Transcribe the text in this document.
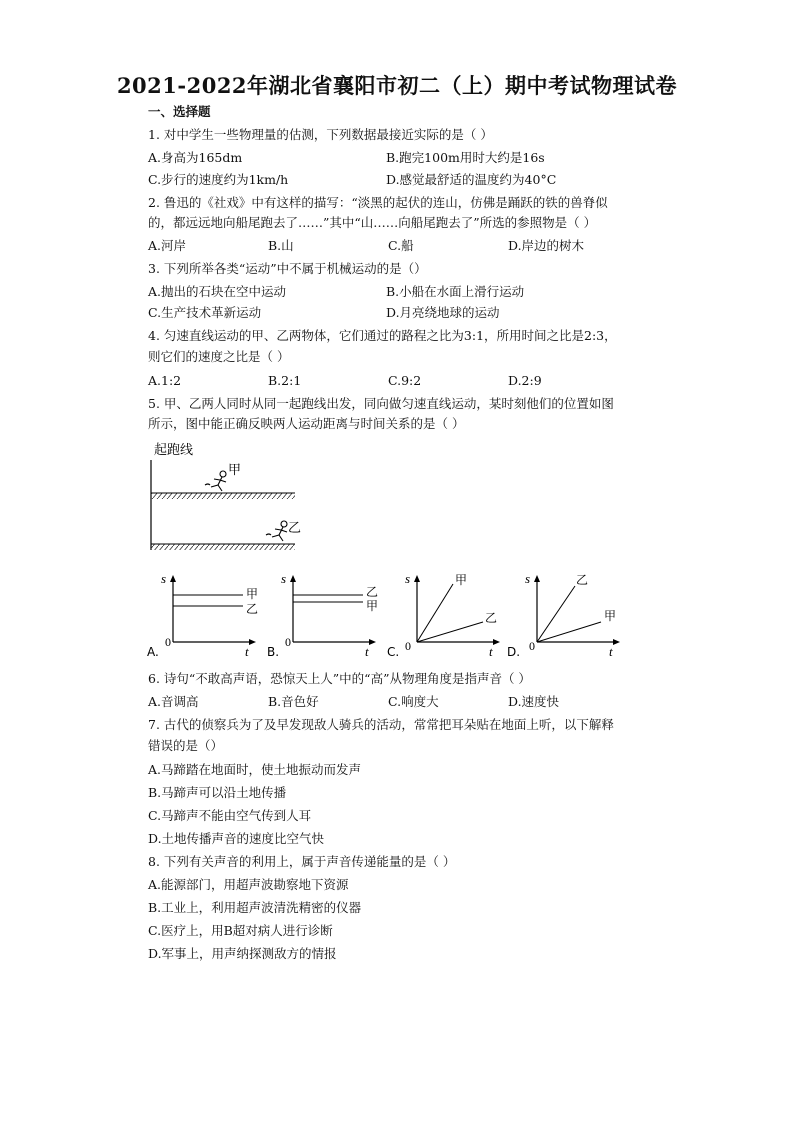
2021-2022年湖北省襄阳市初二（上）期中考试物理试卷
一、选择题
1. 对中学生一些物理量的估测，下列数据最接近实际的是（ ）
A.身高为165dm	B.跑完100m用时大约是16s
C.步行的速度约为1km/h	D.感觉最舒适的温度约为40°C
2. 鲁迅的《社戏》中有这样的描写：“淡黑的起伏的连山，仿佛是踊跃的铁的兽脊似
的，都远远地向船尾跑去了……”其中“山……向船尾跑去了”所选的参照物是（ ）
A.河岸	B.山	C.船	D.岸边的树木
3. 下列所举各类“运动”中不属于机械运动的是（）
A.抛出的石块在空中运动	B.小船在水面上滑行运动
C.生产技术革新运动	D.月亮绕地球的运动
4. 匀速直线运动的甲、乙两物体，它们通过的路程之比为3:1，所用时间之比是2:3，
则它们的速度之比是（ ）
A.1:2	B.2:1	C.9:2	D.2:9
5. 甲、乙两人同时从同一起跑线出发，同向做匀速直线运动，某时刻他们的位置如图
所示，图中能正确反映两人运动距离与时间关系的是（ ）
起跑线
甲
乙
s
t
0
甲
乙
A.
s
t
0
乙
甲
B.
s
t
0
甲
乙
C.
s
t
0
乙
甲
D.
6. 诗句“不敢高声语，恐惊天上人”中的“高”从物理角度是指声音（ ）
A.音调高	B.音色好	C.响度大	D.速度快
7. 古代的侦察兵为了及早发现敌人骑兵的活动，常常把耳朵贴在地面上听，以下解释
错误的是（）
A.马蹄踏在地面时，使土地振动而发声
B.马蹄声可以沿土地传播
C.马蹄声不能由空气传到人耳
D.土地传播声音的速度比空气快
8. 下列有关声音的利用上，属于声音传递能量的是（ ）
A.能源部门，用超声波勘察地下资源
B.工业上，利用超声波清洗精密的仪器
C.医疗上，用B超对病人进行诊断
D.军事上，用声纳探测敌方的情报
